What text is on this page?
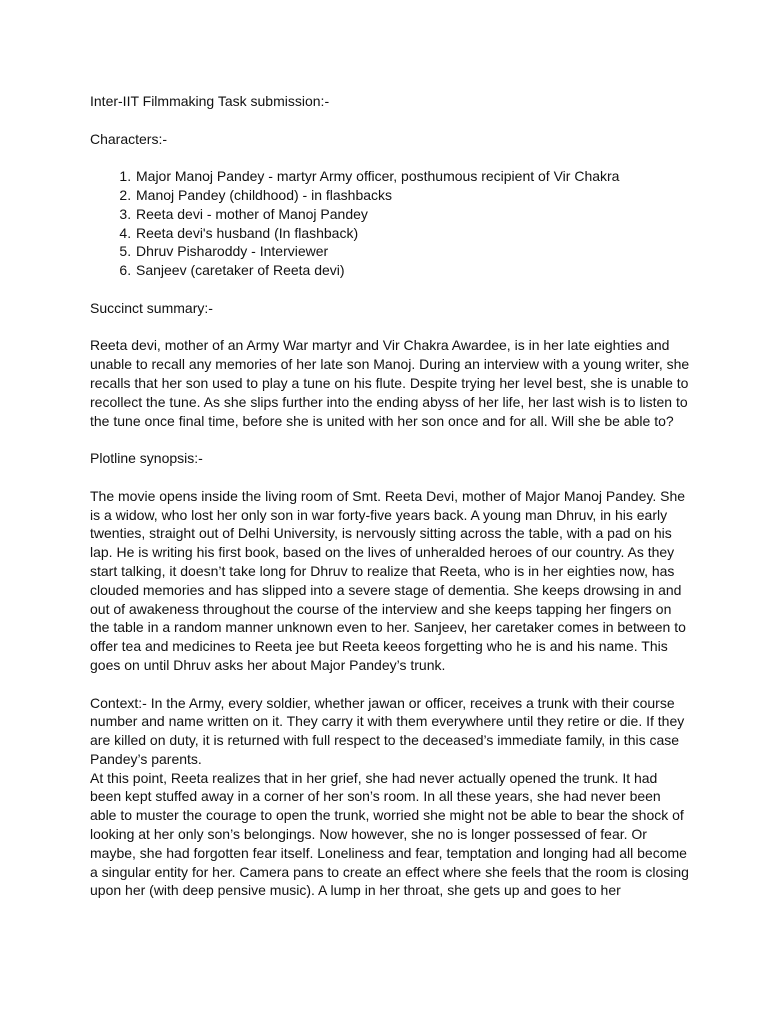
Inter-IIT Filmmaking Task submission:-

Characters:-

1. Major Manoj Pandey - martyr Army officer, posthumous recipient of Vir Chakra
2. Manoj Pandey (childhood) - in flashbacks
3. Reeta devi - mother of Manoj Pandey
4. Reeta devi's husband (In flashback)
5. Dhruv Pisharoddy - Interviewer
6. Sanjeev (caretaker of Reeta devi)

Succinct summary:-

Reeta devi, mother of an Army War martyr and Vir Chakra Awardee, is in her late eighties and unable to recall any memories of her late son Manoj. During an interview with a young writer, she recalls that her son used to play a tune on his flute. Despite trying her level best, she is unable to recollect the tune. As she slips further into the ending abyss of her life, her last wish is to listen to the tune once final time, before she is united with her son once and for all. Will she be able to?

Plotline synopsis:-

The movie opens inside the living room of Smt. Reeta Devi, mother of Major Manoj Pandey. She is a widow, who lost her only son in war forty-five years back. A young man Dhruv, in his early twenties, straight out of Delhi University, is nervously sitting across the table, with a pad on his lap. He is writing his first book, based on the lives of unheralded heroes of our country. As they start talking, it doesn’t take long for Dhruv to realize that Reeta, who is in her eighties now, has clouded memories and has slipped into a severe stage of dementia. She keeps drowsing in and out of awakeness throughout the course of the interview and she keeps tapping her fingers on the table in a random manner unknown even to her. Sanjeev, her caretaker comes in between to offer tea and medicines to Reeta jee but Reeta keeos forgetting who he is and his name. This goes on until Dhruv asks her about Major Pandey’s trunk.

Context:- In the Army, every soldier, whether jawan or officer, receives a trunk with their course number and name written on it. They carry it with them everywhere until they retire or die. If they are killed on duty, it is returned with full respect to the deceased’s immediate family, in this case Pandey’s parents.

At this point, Reeta realizes that in her grief, she had never actually opened the trunk. It had been kept stuffed away in a corner of her son’s room. In all these years, she had never been able to muster the courage to open the trunk, worried she might not be able to bear the shock of looking at her only son’s belongings. Now however, she no is longer possessed of fear. Or maybe, she had forgotten fear itself. Loneliness and fear, temptation and longing had all become a singular entity for her. Camera pans to create an effect where she feels that the room is closing upon her (with deep pensive music). A lump in her throat, she gets up and goes to her
